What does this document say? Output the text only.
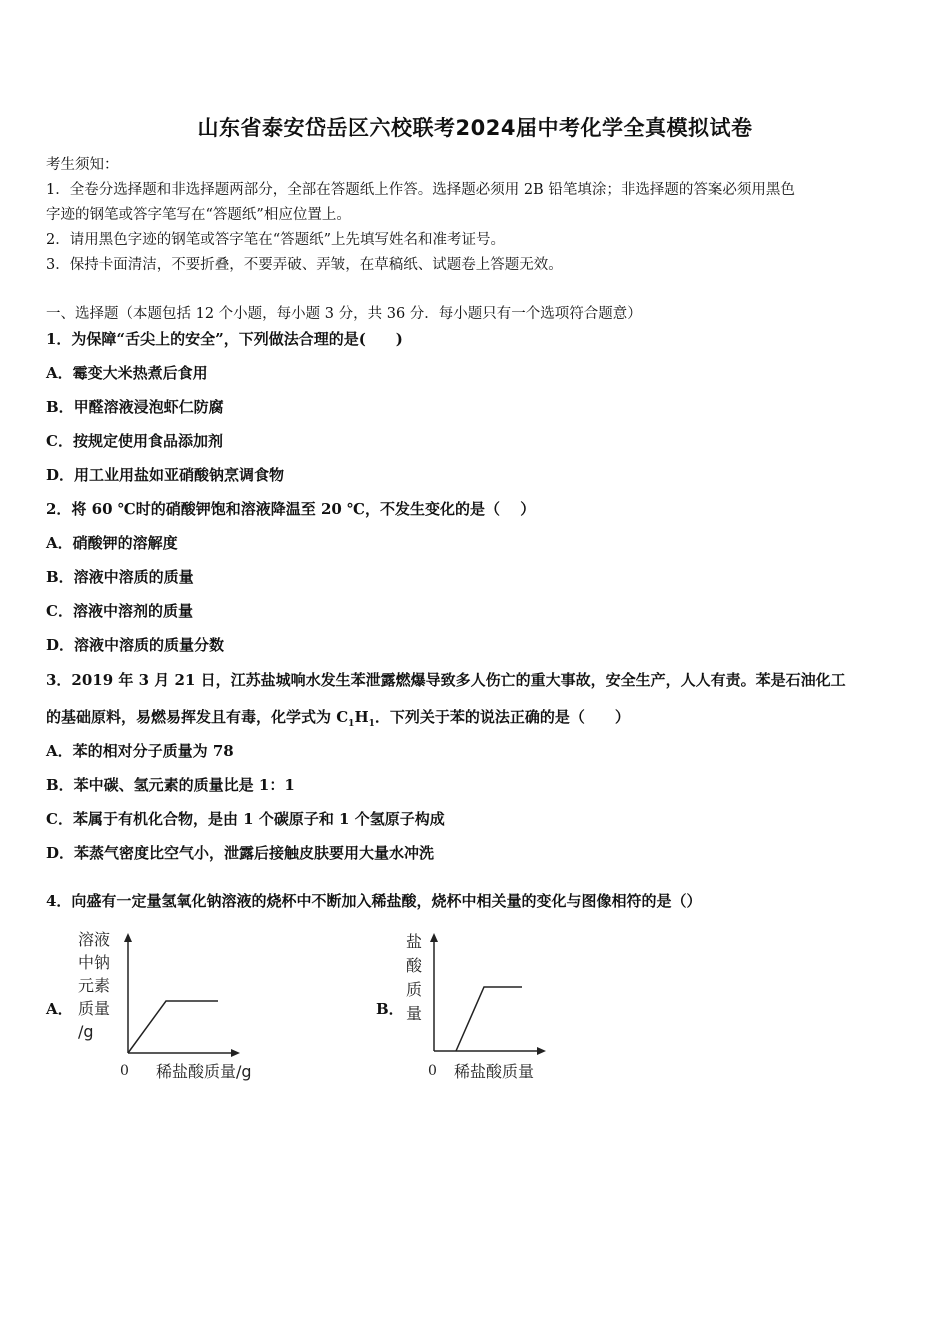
山东省泰安岱岳区六校联考2024届中考化学全真模拟试卷
考生须知：
1．全卷分选择题和非选择题两部分，全部在答题纸上作答。选择题必须用 2B 铅笔填涂；非选择题的答案必须用黑色
字迹的钢笔或答字笔写在“答题纸”相应位置上。
2．请用黑色字迹的钢笔或答字笔在“答题纸”上先填写姓名和准考证号。
3．保持卡面清洁，不要折叠，不要弄破、弄皱，在草稿纸、试题卷上答题无效。
一、选择题（本题包括 12 个小题，每小题 3 分，共 36 分．每小题只有一个选项符合题意）
1．为保障“舌尖上的安全”，下列做法合理的是(　　)
A．霉变大米热煮后食用
B．甲醛溶液浸泡虾仁防腐
C．按规定使用食品添加剂
D．用工业用盐如亚硝酸钠烹调食物
2．将 60 ℃时的硝酸钾饱和溶液降温至 20 ℃，不发生变化的是（　 ）
A．硝酸钾的溶解度
B．溶液中溶质的质量
C．溶液中溶剂的质量
D．溶液中溶质的质量分数
3．2019 年 3 月 21 日，江苏盐城响水发生苯泄露燃爆导致多人伤亡的重大事故，安全生产，人人有责。苯是石油化工
的基础原料，易燃易挥发且有毒，化学式为 $C_1H_1$．下列关于苯的说法正确的是（　　）
A．苯的相对分子质量为 78
B．苯中碳、氢元素的质量比是 1：1
C．苯属于有机化合物，是由 1 个碳原子和 1 个氢原子构成
D．苯蒸气密度比空气小，泄露后接触皮肤要用大量水冲洗
4．向盛有一定量氢氧化钠溶液的烧杯中不断加入稀盐酸，烧杯中相关量的变化与图像相符的是（）
A．	B．
溶液
中钠
元素
质量
/g
0 稀盐酸质量/g
盐
酸
质
量
0 稀盐酸质量
